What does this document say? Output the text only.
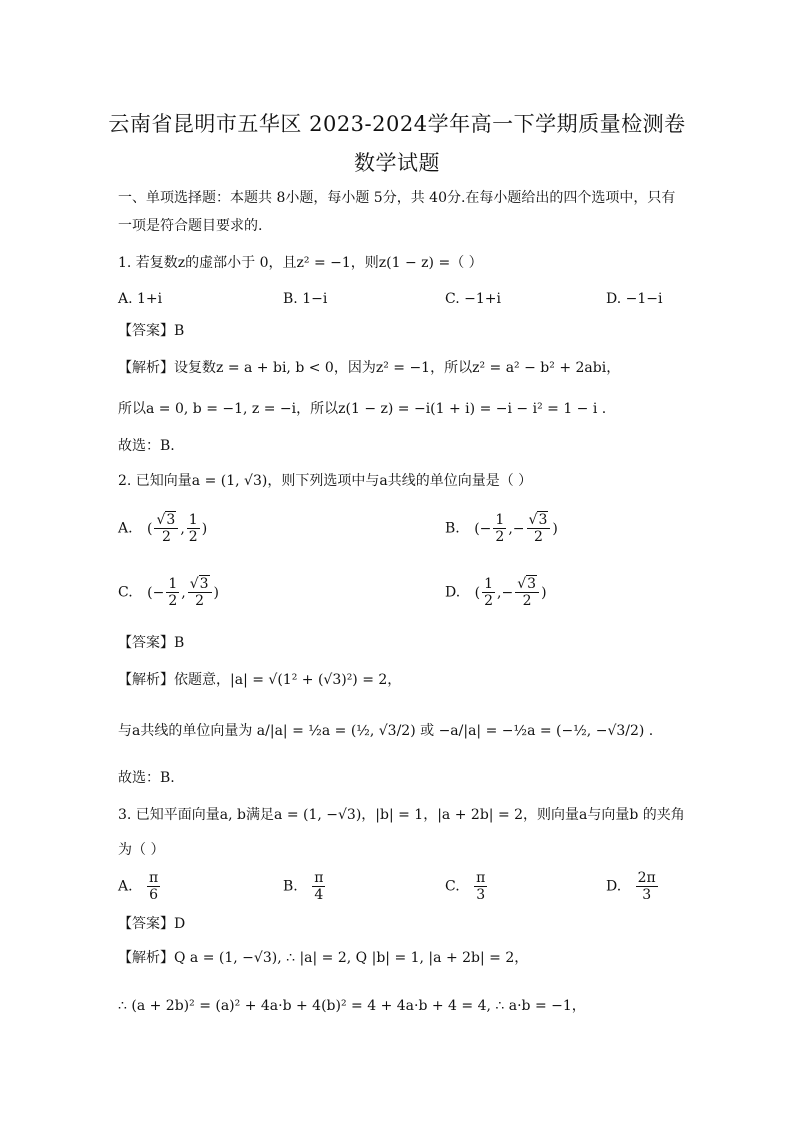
云南省昆明市五华区 2023-2024学年高一下学期质量检测卷
数学试题
一、单项选择题：本题共 8小题，每小题 5分，共 40分.在每小题给出的四个选项中，只有
一项是符合题目要求的.
1. 若复数z的虚部小于 0，且z² = −1，则z(1 − z) =（ ）
A. 1+i	B. 1−i	C. −1+i	D. −1−i
【答案】B
【解析】设复数z = a + bi, b < 0，因为z² = −1，所以z² = a² − b² + 2abi，
所以a = 0, b = −1, z = −i，所以z(1 − z) = −i(1 + i) = −i − i² = 1 − i .
故选：B.
2. 已知向量a = (1, √3)，则下列选项中与a共线的单位向量是（ ）
A. ( $\frac{√3}{2}$ , $\frac{1}{2}$ )	B. (− $\frac{1}{2}$ ,− $\frac{√3}{2}$ )
C. (− $\frac{1}{2}$ , $\frac{√3}{2}$ )	D. ( $\frac{1}{2}$ ,− $\frac{√3}{2}$ )
【答案】B
【解析】依题意，|a| = √(1² + (√3)²) = 2，
与a共线的单位向量为 a/|a| = ½a = (½, √3/2) 或 −a/|a| = −½a = (−½, −√3/2) .
故选：B.
3. 已知平面向量a, b满足a = (1, −√3)，|b| = 1，|a + 2b| = 2，则向量a与向量b 的夹角
为（ ）
A. $\frac{\pi}{6}$	B. $\frac{\pi}{4}$	C. $\frac{\pi}{3}$	D. $\frac{2\pi}{3}$
【答案】D
【解析】Q a = (1, −√3), ∴ |a| = 2, Q |b| = 1, |a + 2b| = 2，
∴ (a + 2b)² = (a)² + 4a·b + 4(b)² = 4 + 4a·b + 4 = 4, ∴ a·b = −1，
